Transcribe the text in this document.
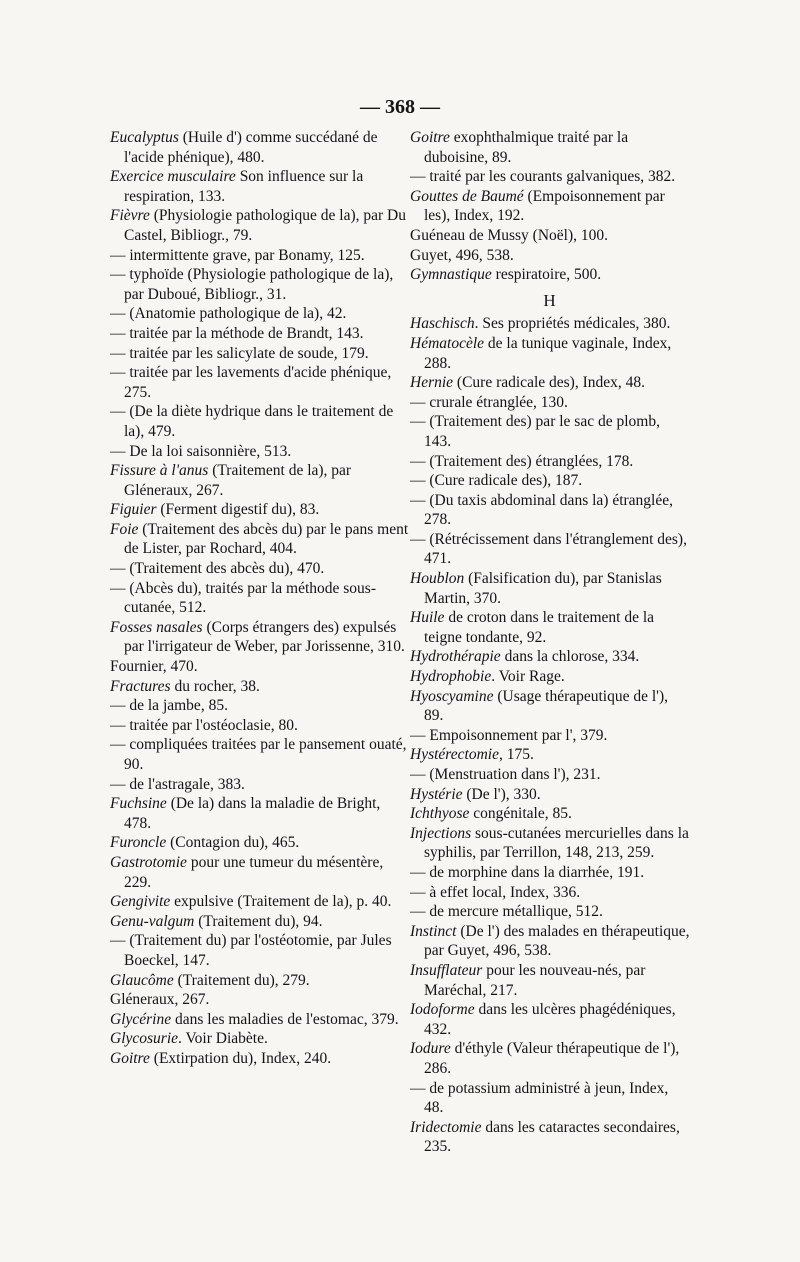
— 368 —

Eucalyptus (Huile d') comme succédané de l'acide phénique), 480.

Exercice musculaire Son influence sur la respiration, 133.

Fièvre (Physiologie pathologique de la), par Du Castel, Bibliogr., 79.

— intermittente grave, par Bonamy, 125.

— typhoïde (Physiologie pathologique de la), par Duboué, Bibliogr., 31.

— (Anatomie pathologique de la), 42.

— traitée par la méthode de Brandt, 143.

— traitée par les salicylate de soude, 179.

— traitée par les lavements d'acide phénique, 275.

— (De la diète hydrique dans le traitement de la), 479.

— De la loi saisonnière, 513.

Fissure à l'anus (Traitement de la), par Gléneraux, 267.

Figuier (Ferment digestif du), 83.

Foie (Traitement des abcès du) par le pans ment de Lister, par Rochard, 404.

— (Traitement des abcès du), 470.

— (Abcès du), traités par la méthode sous-cutanée, 512.

Fosses nasales (Corps étrangers des) expulsés par l'irrigateur de Weber, par Jorissenne, 310.

Fournier, 470.

Fractures du rocher, 38.

— de la jambe, 85.

— traitée par l'ostéoclasie, 80.

— compliquées traitées par le pansement ouaté, 90.

— de l'astragale, 383.

Fuchsine (De la) dans la maladie de Bright, 478.

Furoncle (Contagion du), 465.

Gastrotomie pour une tumeur du mésentère, 229.

Gengivite expulsive (Traitement de la), p. 40.

Genu-valgum (Traitement du), 94.

— (Traitement du) par l'ostéotomie, par Jules Boeckel, 147.

Glaucôme (Traitement du), 279.

Gléneraux, 267.

Glycérine dans les maladies de l'estomac, 379.

Glycosurie. Voir Diabète.

Goitre (Extirpation du), Index, 240.

Goitre exophthalmique traité par la duboisine, 89.

— traité par les courants galvaniques, 382.

Gouttes de Baumé (Empoisonnement par les), Index, 192.

Guéneau de Mussy (Noël), 100.

Guyet, 496, 538.

Gymnastique respiratoire, 500.

H

Haschisch. Ses propriétés médicales, 380.

Hématocèle de la tunique vaginale, Index, 288.

Hernie (Cure radicale des), Index, 48.

— crurale étranglée, 130.

— (Traitement des) par le sac de plomb, 143.

— (Traitement des) étranglées, 178.

— (Cure radicale des), 187.

— (Du taxis abdominal dans la) étranglée, 278.

— (Rétrécissement dans l'étranglement des), 471.

Houblon (Falsification du), par Stanislas Martin, 370.

Huile de croton dans le traitement de la teigne tondante, 92.

Hydrothérapie dans la chlorose, 334.

Hydrophobie. Voir Rage.

Hyoscyamine (Usage thérapeutique de l'), 89.

— Empoisonnement par l', 379.

Hystérectomie, 175.

— (Menstruation dans l'), 231.

Hystérie (De l'), 330.

Ichthyose congénitale, 85.

Injections sous-cutanées mercurielles dans la syphilis, par Terrillon, 148, 213, 259.

— de morphine dans la diarrhée, 191.

— à effet local, Index, 336.

— de mercure métallique, 512.

Instinct (De l') des malades en thérapeutique, par Guyet, 496, 538.

Insufflateur pour les nouveau-nés, par Maréchal, 217.

Iodoforme dans les ulcères phagédéniques, 432.

Iodure d'éthyle (Valeur thérapeutique de l'), 286.

— de potassium administré à jeun, Index, 48.

Iridectomie dans les cataractes secondaires, 235.
